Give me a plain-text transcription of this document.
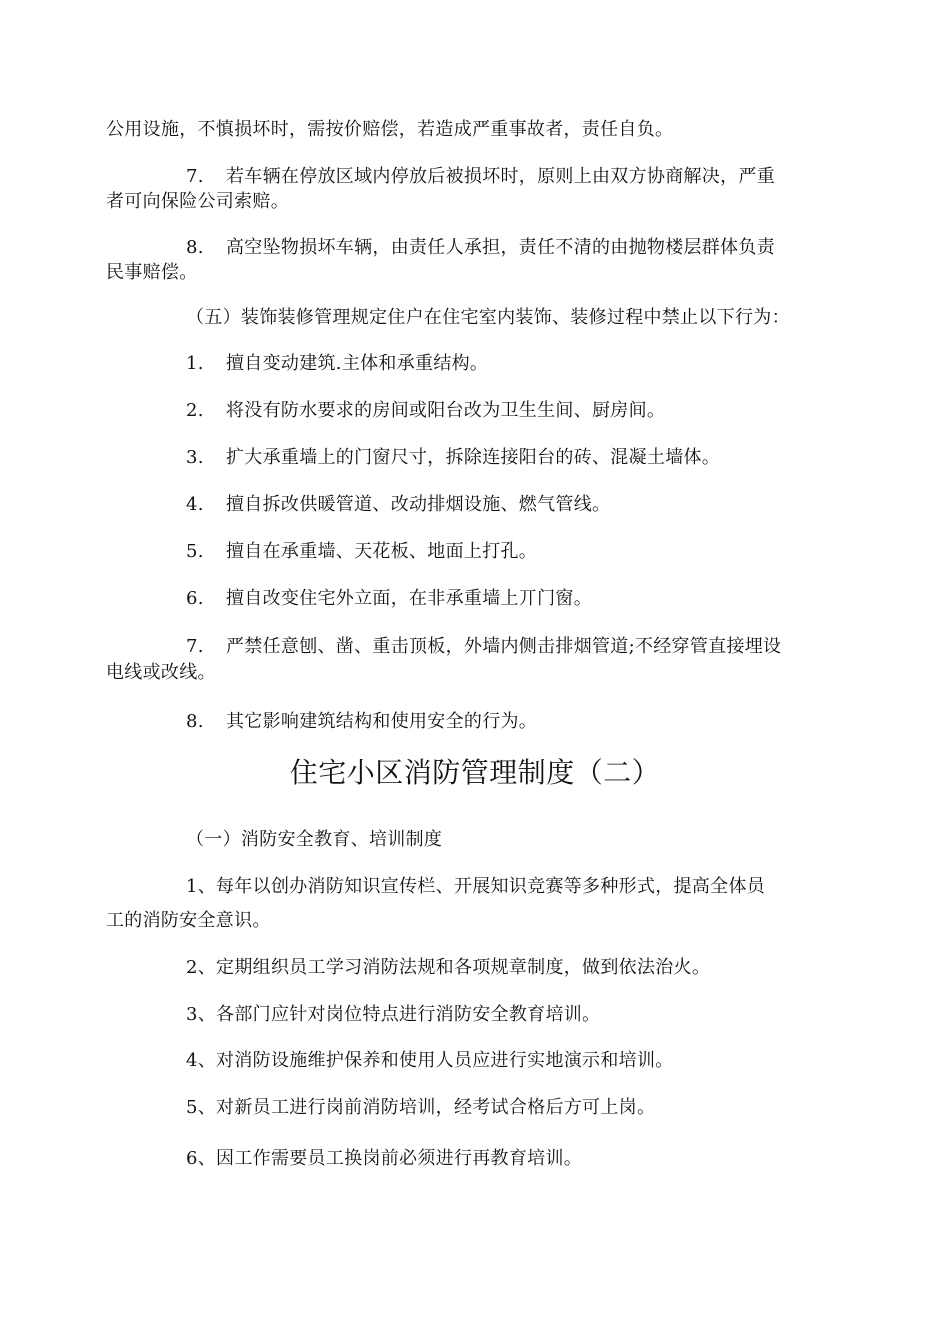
公用设施，不慎损坏时，需按价赔偿，若造成严重事故者，责任自负。
7. 若车辆在停放区域内停放后被损坏时，原则上由双方协商解决，严重
者可向保险公司索赔。
8. 高空坠物损坏车辆，由责任人承担，责任不清的由抛物楼层群体负责
民事赔偿。
（五）装饰装修管理规定住户在住宅室内装饰、装修过程中禁止以下行为：
1. 擅自变动建筑.主体和承重结构。
2. 将没有防水要求的房间或阳台改为卫生生间、厨房间。
3. 扩大承重墙上的门窗尺寸，拆除连接阳台的砖、混凝土墙体。
4. 擅自拆改供暖管道、改动排烟设施、燃气管线。
5. 擅自在承重墙、天花板、地面上打孔。
6. 擅自改变住宅外立面，在非承重墙上丌门窗。
7. 严禁任意刨、凿、重击顶板，外墙内侧击排烟管道;不经穿管直接埋设
电线或改线。
8. 其它影响建筑结构和使用安全的行为。
住宅小区消防管理制度（二）
（一）消防安全教育、培训制度
1、每年以创办消防知识宣传栏、开展知识竞赛等多种形式，提高全体员
工的消防安全意识。
2、定期组织员工学习消防法规和各项规章制度，做到依法治火。
3、各部门应针对岗位特点进行消防安全教育培训。
4、对消防设施维护保养和使用人员应进行实地演示和培训。
5、对新员工进行岗前消防培训，经考试合格后方可上岗。
6、因工作需要员工换岗前必须进行再教育培训。
